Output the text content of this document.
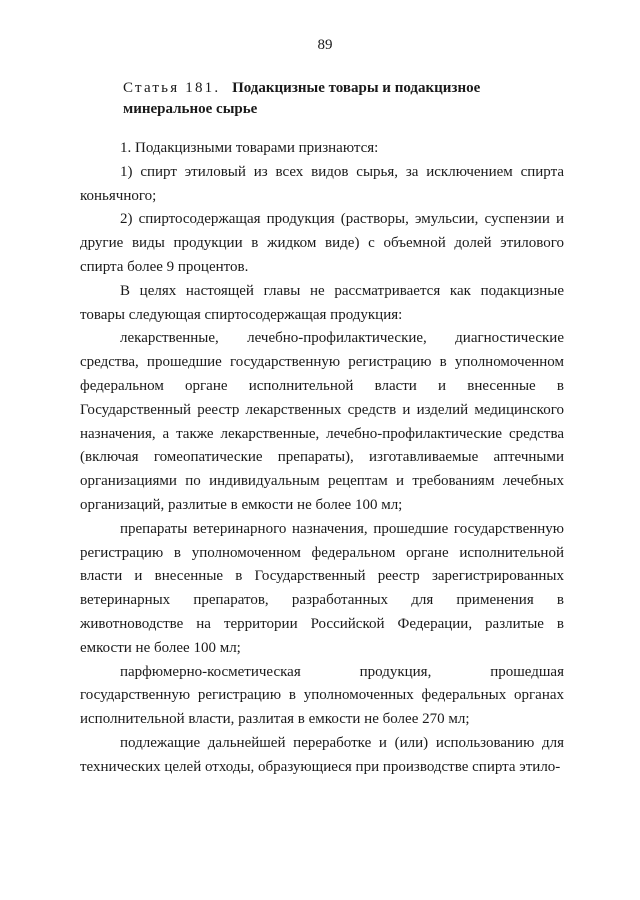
89
Статья 181. Подакцизные товары и подакцизное минеральное сырье

1. Подакцизными товарами признаются:

1) спирт этиловый из всех видов сырья, за исключением спирта коньячного;

2) спиртосодержащая продукция (растворы, эмульсии, суспензии и другие виды продукции в жидком виде) с объемной долей этилового спирта более 9 процентов.

В целях настоящей главы не рассматривается как подакцизные товары следующая спиртосодержащая продукция:

лекарственные, лечебно-профилактические, диагностические средства, прошедшие государственную регистрацию в уполномоченном федеральном органе исполнительной власти и внесенные в Государственный реестр лекарственных средств и изделий медицинского назначения, а также лекарственные, лечебно-профилактические средства (включая гомеопатические препараты), изготавливаемые аптечными организациями по индивидуальным рецептам и требованиям лечебных организаций, разлитые в емкости не более 100 мл;

препараты ветеринарного назначения, прошедшие государственную регистрацию в уполномоченном федеральном органе исполнительной власти и внесенные в Государственный реестр зарегистрированных ветеринарных препаратов, разработанных для применения в животноводстве на территории Российской Федерации, разлитые в емкости не более 100 мл;

парфюмерно-косметическая продукция, прошедшая государственную регистрацию в уполномоченных федеральных органах исполнительной власти, разлитая в емкости не более 270 мл;

подлежащие дальнейшей переработке и (или) использованию для технических целей отходы, образующиеся при производстве спирта этило-
